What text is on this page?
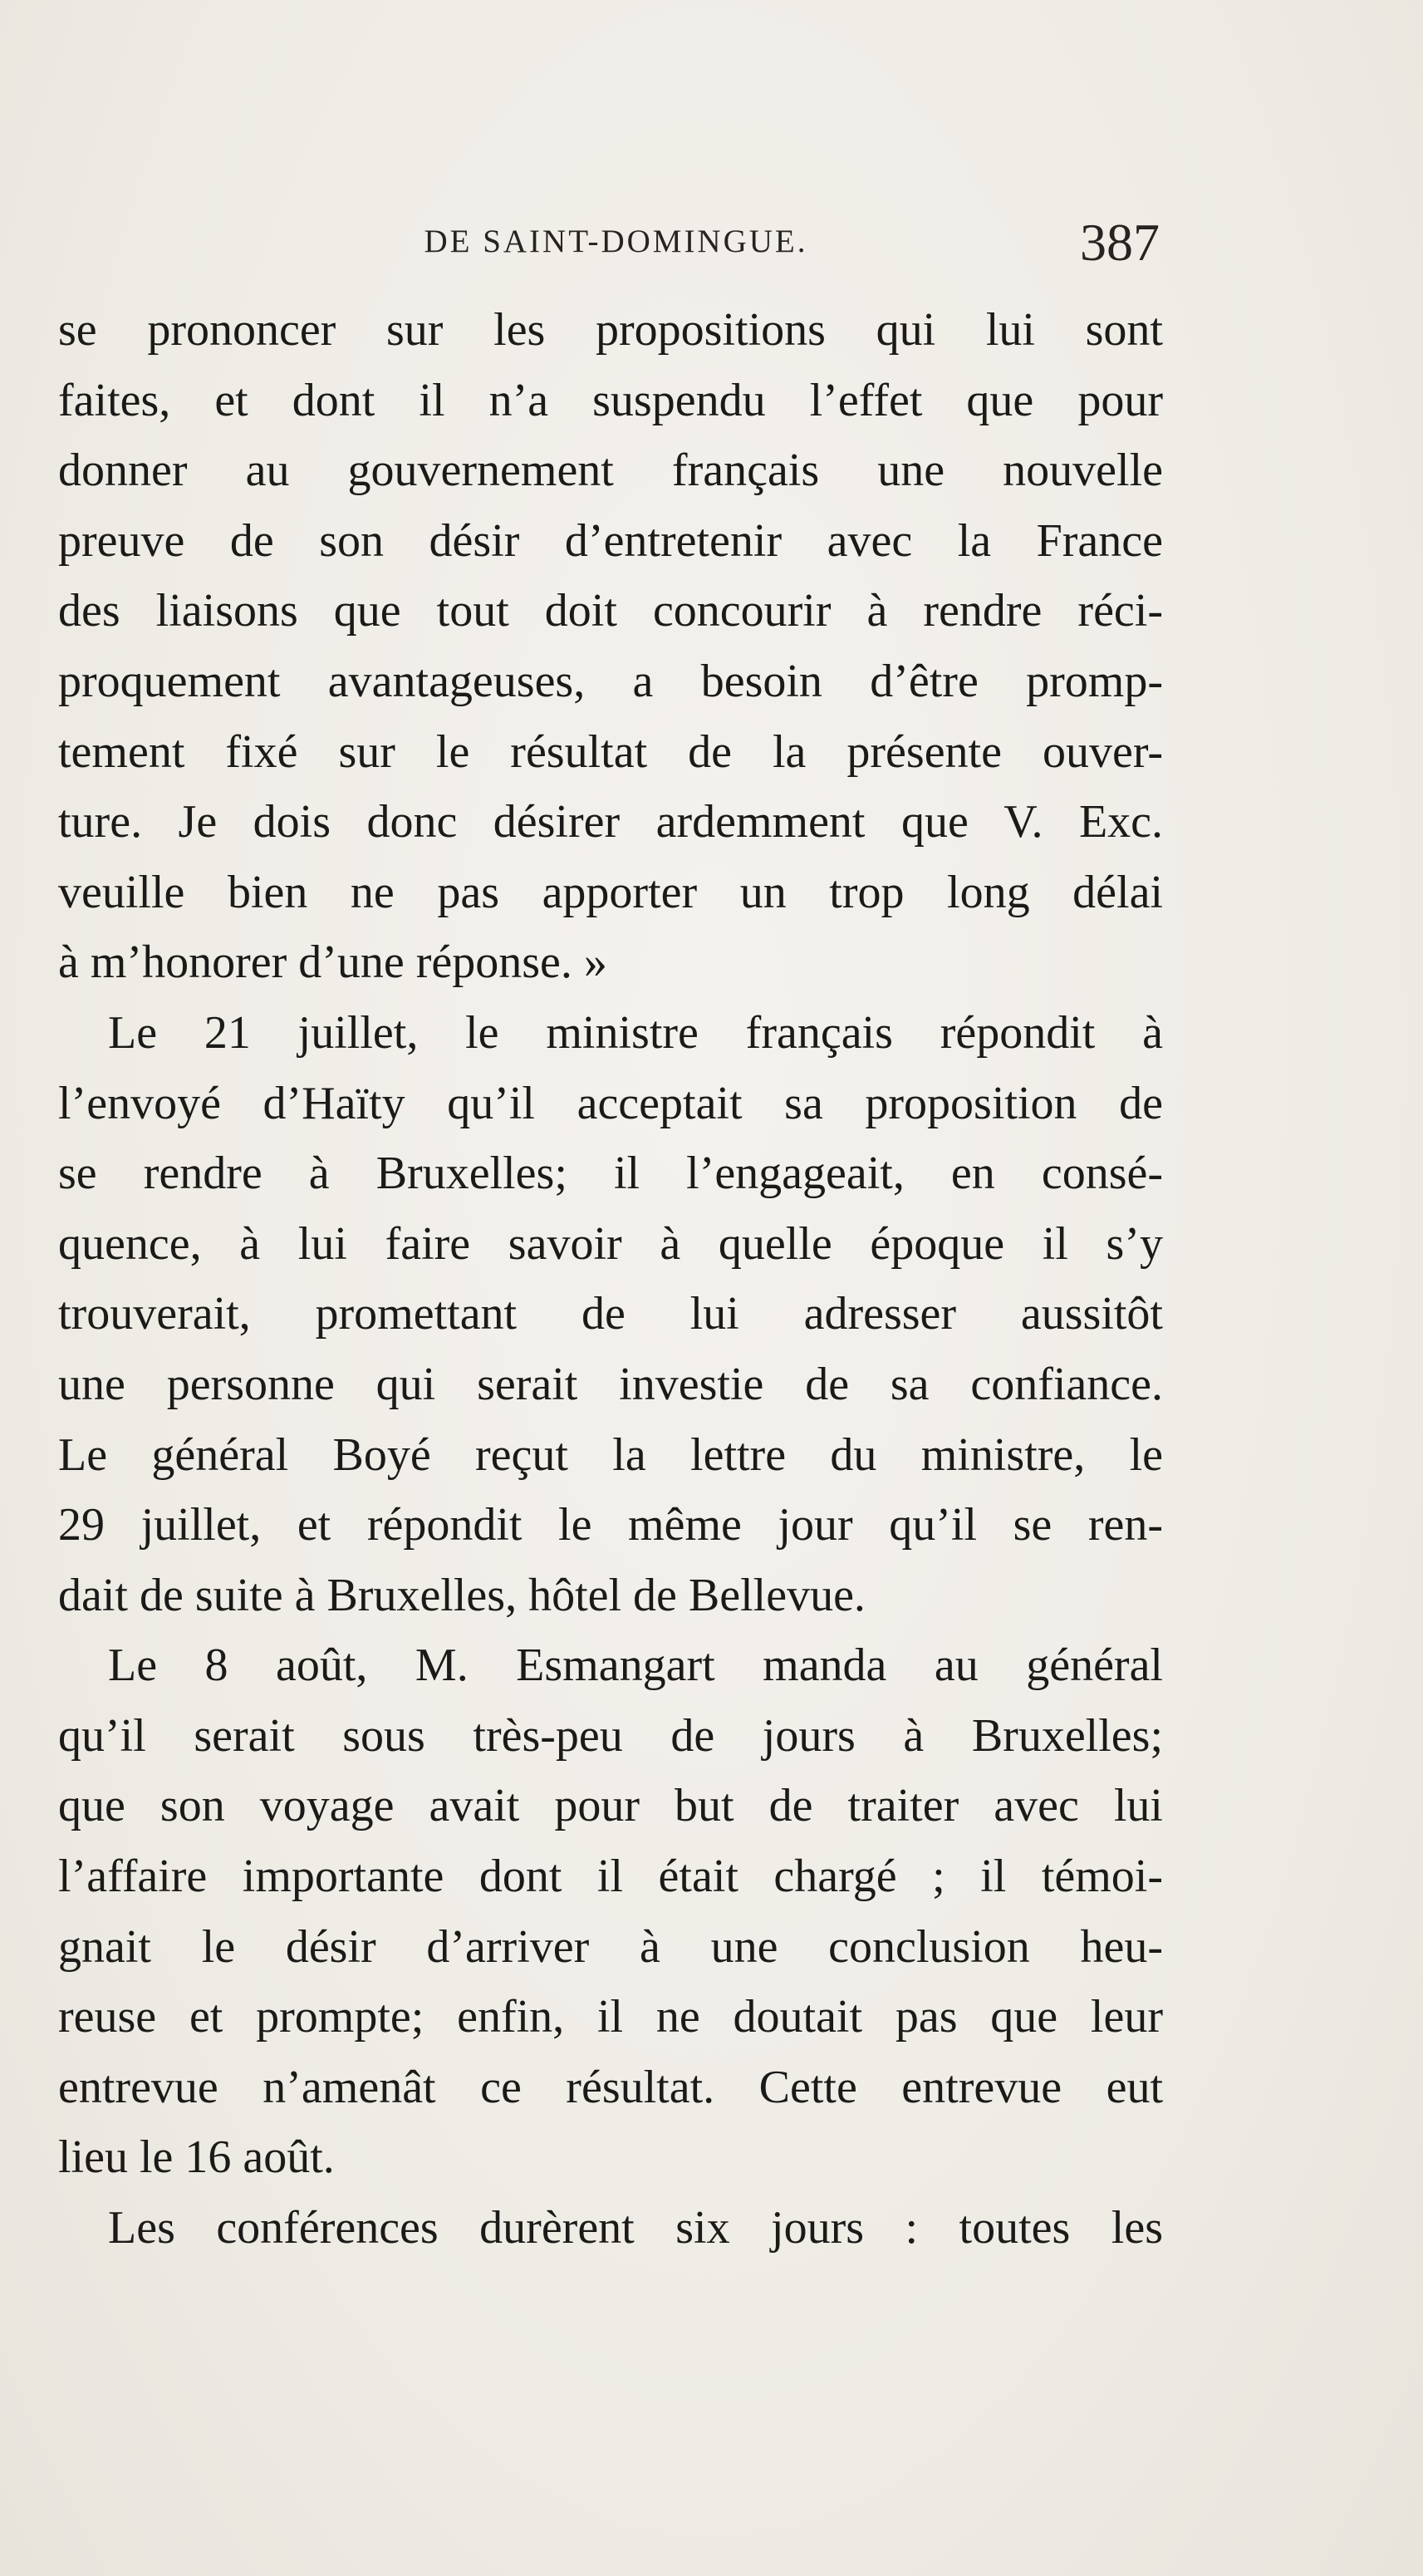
DE SAINT-DOMINGUE.	387
se prononcer sur les propositions qui lui sont
faites, et dont il n’a suspendu l’effet que pour
donner au gouvernement français une nouvelle
preuve de son désir d’entretenir avec la France
des liaisons que tout doit concourir à rendre réci-
proquement avantageuses, a besoin d’être promp-
tement fixé sur le résultat de la présente ouver-
ture. Je dois donc désirer ardemment que V. Exc.
veuille bien ne pas apporter un trop long délai
à m’honorer d’une réponse. »
Le 21 juillet, le ministre français répondit à
l’envoyé d’Haïty qu’il acceptait sa proposition de
se rendre à Bruxelles; il l’engageait, en consé-
quence, à lui faire savoir à quelle époque il s’y
trouverait, promettant de lui adresser aussitôt
une personne qui serait investie de sa confiance.
Le général Boyé reçut la lettre du ministre, le
29 juillet, et répondit le même jour qu’il se ren-
dait de suite à Bruxelles, hôtel de Bellevue.
Le 8 août, M. Esmangart manda au général
qu’il serait sous très-peu de jours à Bruxelles;
que son voyage avait pour but de traiter avec lui
l’affaire importante dont il était chargé ; il témoi-
gnait le désir d’arriver à une conclusion heu-
reuse et prompte; enfin, il ne doutait pas que leur
entrevue n’amenât ce résultat. Cette entrevue eut
lieu le 16 août.
Les conférences durèrent six jours : toutes les
